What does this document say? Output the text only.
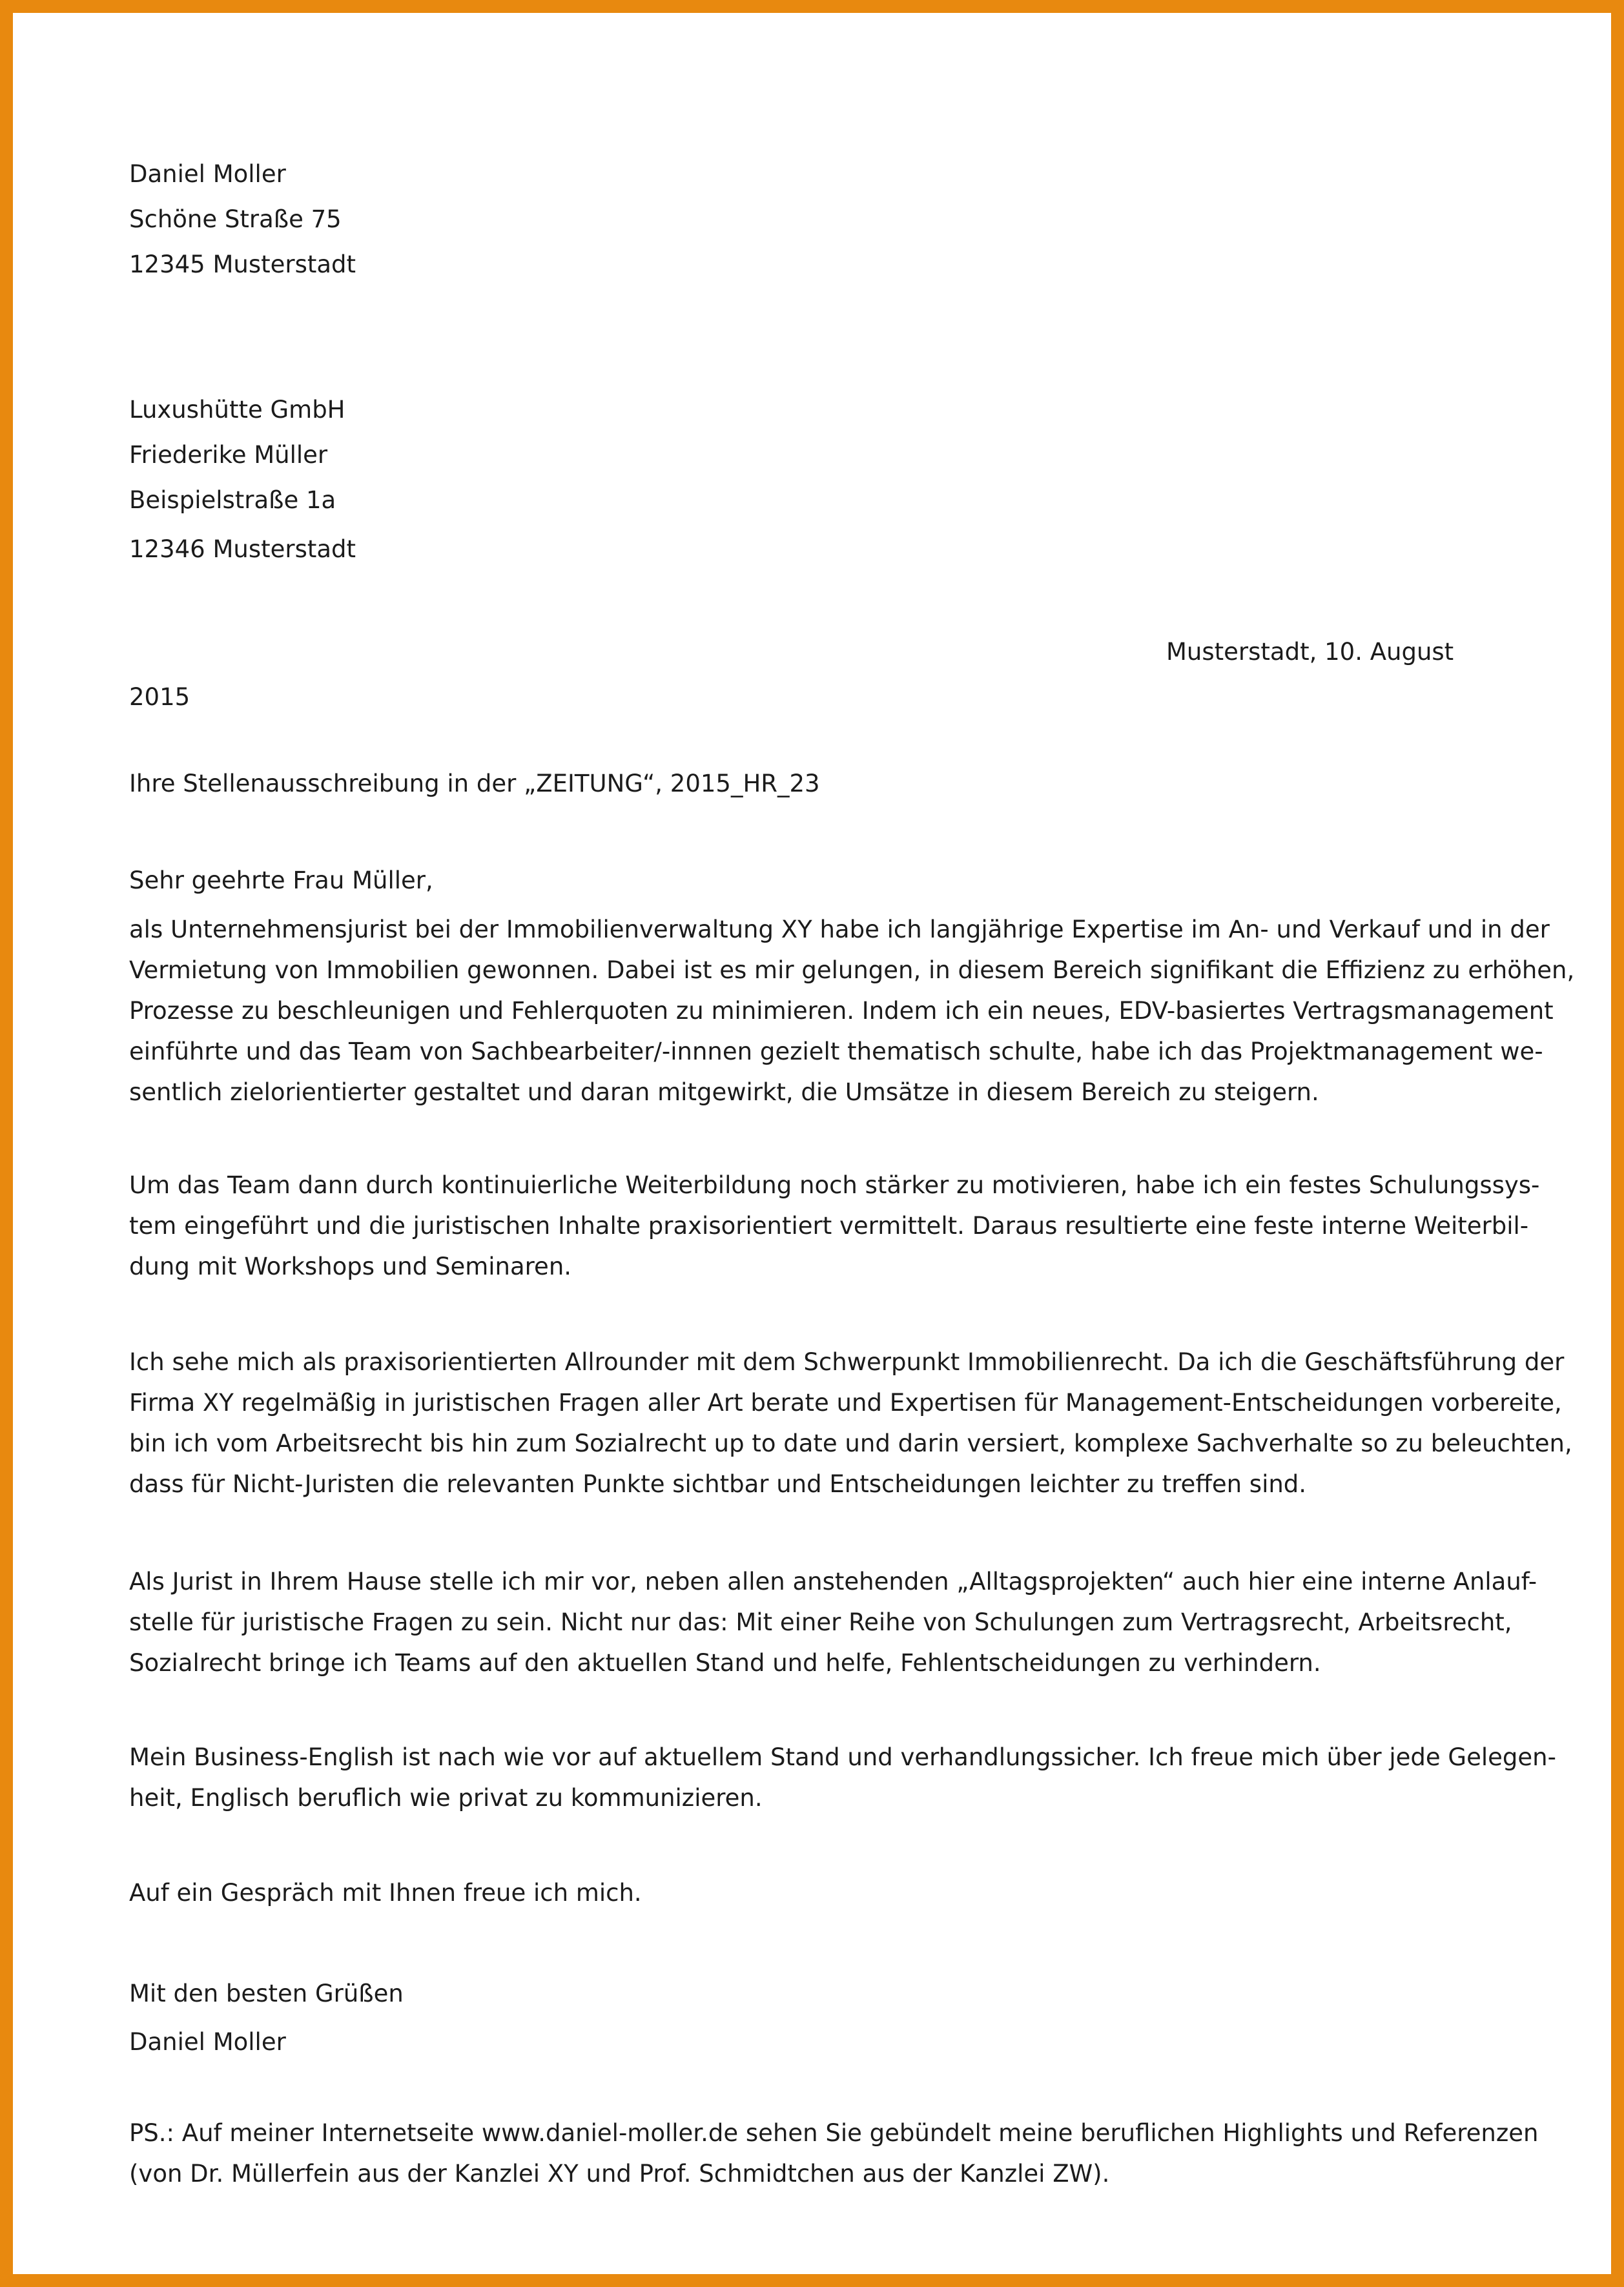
Daniel Moller
Schöne Straße 75
12345 Musterstadt
Luxushütte GmbH
Friederike Müller
Beispielstraße 1a
12346 Musterstadt
Musterstadt, 10. August
2015
Ihre Stellenausschreibung in der „ZEITUNG“, 2015_HR_23
Sehr geehrte Frau Müller,
als Unternehmensjurist bei der Immobilienverwaltung XY habe ich langjährige Expertise im An- und Verkauf und in der
Vermietung von Immobilien gewonnen. Dabei ist es mir gelungen, in diesem Bereich signifikant die Effizienz zu erhöhen,
Prozesse zu beschleunigen und Fehlerquoten zu minimieren. Indem ich ein neues, EDV-basiertes Vertragsmanagement
einführte und das Team von Sachbearbeiter/-innnen gezielt thematisch schulte, habe ich das Projektmanagement we-
sentlich zielorientierter gestaltet und daran mitgewirkt, die Umsätze in diesem Bereich zu steigern.
Um das Team dann durch kontinuierliche Weiterbildung noch stärker zu motivieren, habe ich ein festes Schulungssys-
tem eingeführt und die juristischen Inhalte praxisorientiert vermittelt. Daraus resultierte eine feste interne Weiterbil-
dung mit Workshops und Seminaren.
Ich sehe mich als praxisorientierten Allrounder mit dem Schwerpunkt Immobilienrecht. Da ich die Geschäftsführung der
Firma XY regelmäßig in juristischen Fragen aller Art berate und Expertisen für Management-Entscheidungen vorbereite,
bin ich vom Arbeitsrecht bis hin zum Sozialrecht up to date und darin versiert, komplexe Sachverhalte so zu beleuchten,
dass für Nicht-Juristen die relevanten Punkte sichtbar und Entscheidungen leichter zu treffen sind.
Als Jurist in Ihrem Hause stelle ich mir vor, neben allen anstehenden „Alltagsprojekten“ auch hier eine interne Anlauf-
stelle für juristische Fragen zu sein. Nicht nur das: Mit einer Reihe von Schulungen zum Vertragsrecht, Arbeitsrecht,
Sozialrecht bringe ich Teams auf den aktuellen Stand und helfe, Fehlentscheidungen zu verhindern.
Mein Business-English ist nach wie vor auf aktuellem Stand und verhandlungssicher. Ich freue mich über jede Gelegen-
heit, Englisch beruflich wie privat zu kommunizieren.
Auf ein Gespräch mit Ihnen freue ich mich.
Mit den besten Grüßen
Daniel Moller
PS.: Auf meiner Internetseite www.daniel-moller.de sehen Sie gebündelt meine beruflichen Highlights und Referenzen
(von Dr. Müllerfein aus der Kanzlei XY und Prof. Schmidtchen aus der Kanzlei ZW).
